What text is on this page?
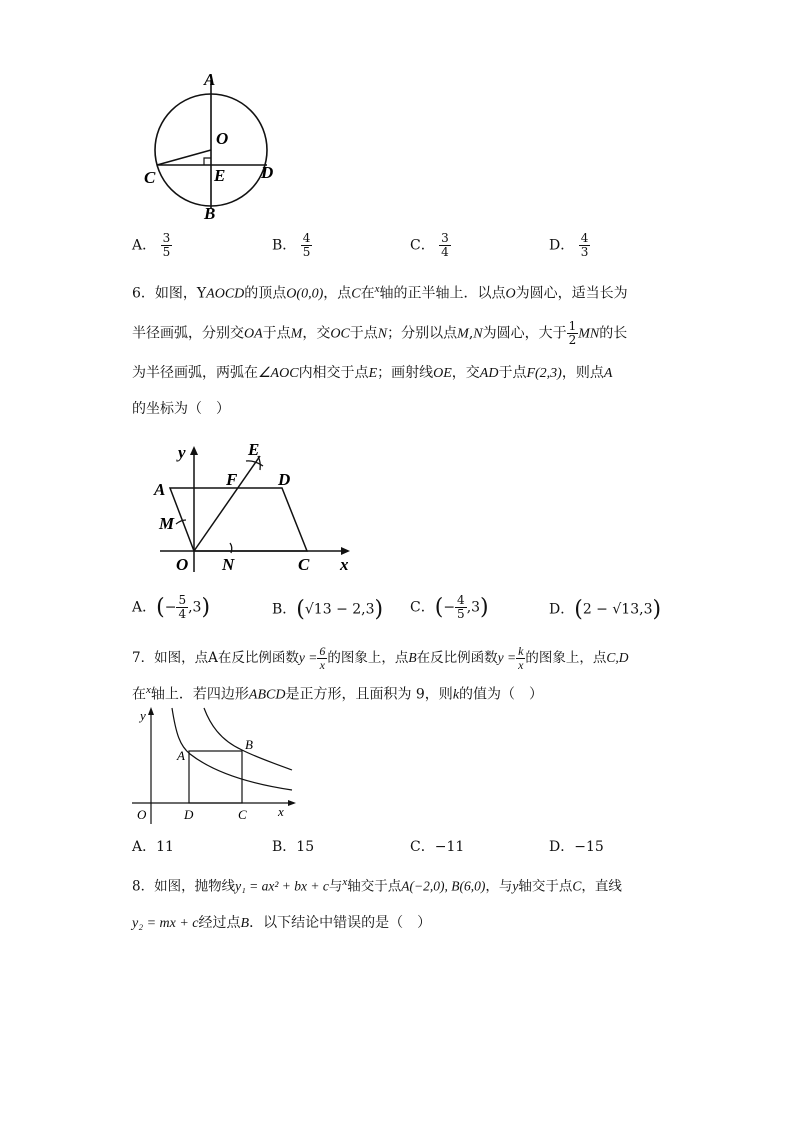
A
O
C	E D
B
A． $\frac{3}{5}$	B． $\frac{4}{5}$	C． $\frac{3}{4}$	D． $\frac{4}{3}$
6．如图，YAOCD的顶点O(0,0)，点C在$^x$轴的正半轴上．以点O为圆心，适当长为
半径画弧，分别交OA于点M，交OC于点N；分别以点M,N为圆心，大于 $\frac{1}{2}$ MN的长
为半径画弧，两弧在∠AOC内相交于点E；画射线OE，交AD于点F(2,3)，则点A
的坐标为（　）
y	E
A
F D
M
O N	C x
A．(− $\frac{5}{4} ,3$)	B．(√13 − 2,3) C．(− $\frac{4}{5} ,3$)	D．(2 − √13,3)
7．如图，点A在反比例函数$y = \frac{6}{x}$ 的图象上，点B在反比例函数$y = \frac{k}{x}$ 的图象上，点C,D
在$^x$轴上．若四边形ABCD是正方形，且面积为 9，则k的值为（　）
y
A
B
O	D	C x
A．11	B．15	C．−11	D．−15
8．如图，抛物线y₁ = ax² + bx + c与$^x$轴交于点A(−2,0), B(6,0)，与y轴交于点C，直线
y₂ = mx + c经过点B．以下结论中错误的是（　）
